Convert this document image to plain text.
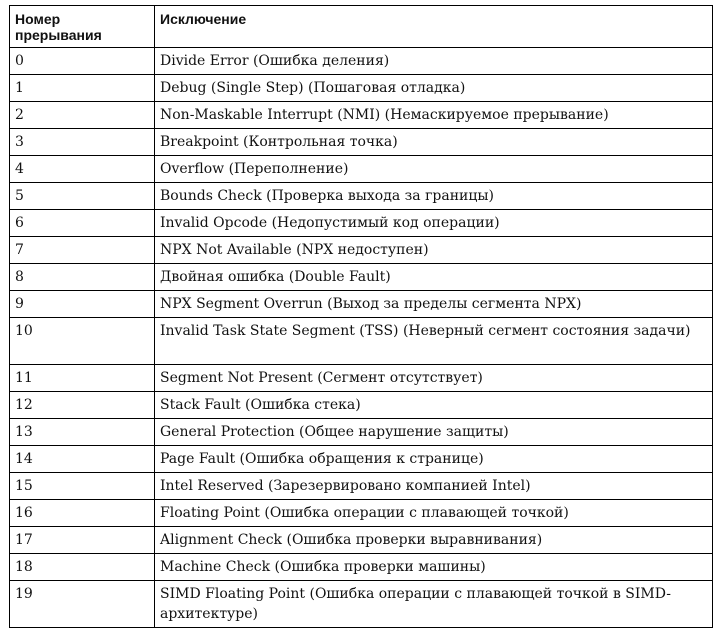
Номер прерывания	Исключение
0	Divide Error (Ошибка деления)
1	Debug (Single Step) (Пошаговая отладка)
2	Non-Maskable Interrupt (NMI) (Немаскируемое прерывание)
3	Breakpoint (Контрольная точка)
4	Overflow (Переполнение)
5	Bounds Check (Проверка выхода за границы)
6	Invalid Opcode (Недопустимый код операции)
7	NPX Not Available (NPX недоступен)
8	Двойная ошибка (Double Fault)
9	NPX Segment Overrun (Выход за пределы сегмента NPX)
10	Invalid Task State Segment (TSS) (Неверный сегмент состояния задачи)
11	Segment Not Present (Сегмент отсутствует)
12	Stack Fault (Ошибка стека)
13	General Protection (Общее нарушение защиты)
14	Page Fault (Ошибка обращения к странице)
15	Intel Reserved (Зарезервировано компанией Intel)
16	Floating Point (Ошибка операции с плавающей точкой)
17	Alignment Check (Ошибка проверки выравнивания)
18	Machine Check (Ошибка проверки машины)
19	SIMD Floating Point (Ошибка операции с плавающей точкой в SIMD-архитектуре)
